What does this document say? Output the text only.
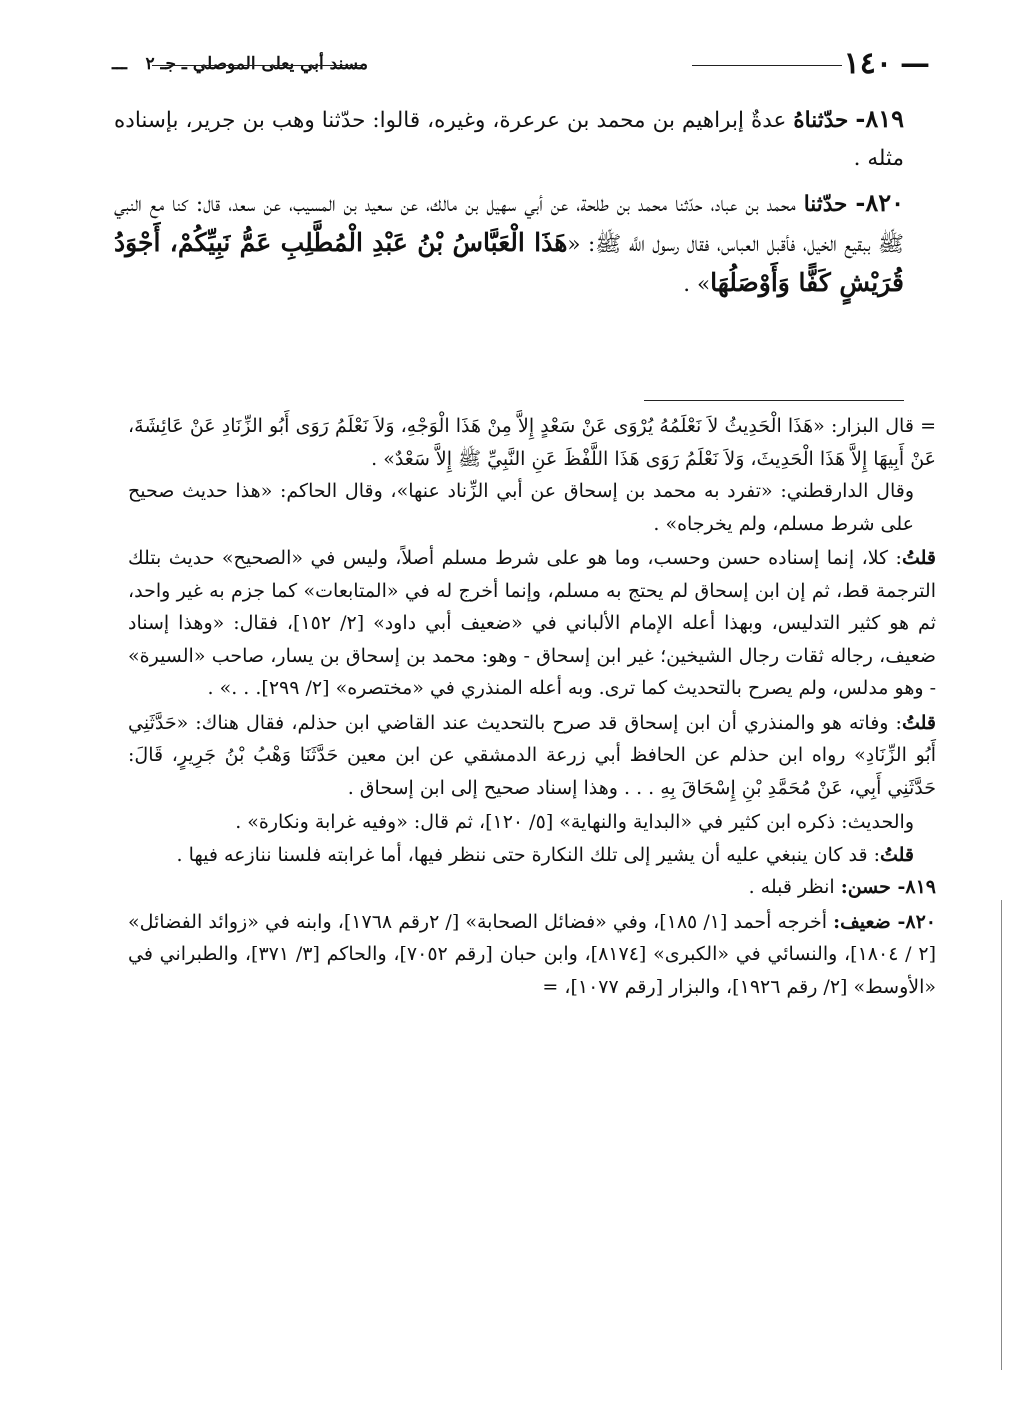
—١٤٠
مسند أبي يعلى الموصلي ـ جـ ٢
ـــ

٨١٩- حدّثناهُ عدةٌ إبراهيم بن محمد بن عرعرة، وغيره، قالوا: حدّثنا وهب بن جرير، بإسناده مثله .

٨٢٠- حدّثنا محمد بن عباد، حدّثنا محمد بن طلحة، عن أبي سهيل بن مالك، عن سعيد بن المسيب، عن سعد، قال: كنا مع النبي ﷺ ببقيع الخيل، فأقبل العباس، فقال رسول اللَّه ﷺ: «هَذَا الْعَبَّاسُ بْنُ عَبْدِ الْمُطَّلِبِ عَمُّ نَبِيِّكُمْ، أَجْوَدُ قُرَيْشٍ كَفًّا وَأَوْصَلُهَا» .

= قال البزار: «هَذَا الْحَدِيثُ لاَ نَعْلَمُهُ يُرْوَى عَنْ سَعْدٍ إِلاَّ مِنْ هَذَا الْوَجْهِ، وَلاَ نَعْلَمُ رَوَى أَبُو الزِّنَادِ عَنْ عَائِشَةَ، عَنْ أَبِيهَا إِلاَّ هَذَا الْحَدِيثَ، وَلاَ نَعْلَمُ رَوَى هَذَا اللَّفْظَ عَنِ النَّبِيِّ ﷺ إِلاَّ سَعْدٌ» .

وقال الدارقطني: «تفرد به محمد بن إسحاق عن أبي الزِّناد عنها»، وقال الحاكم: «هذا حديث صحيح على شرط مسلم، ولم يخرجاه» .

قلتُ: كلا، إنما إسناده حسن وحسب، وما هو على شرط مسلم أصلاً، وليس في «الصحيح» حديث بتلك الترجمة قط، ثم إن ابن إسحاق لم يحتج به مسلم، وإنما أخرج له في «المتابعات» كما جزم به غير واحد، ثم هو كثير التدليس، وبهذا أعله الإمام الألباني في «ضعيف أبي داود» [٢/ ١٥٢]، فقال: «وهذا إسناد ضعيف، رجاله ثقات رجال الشيخين؛ غير ابن إسحاق - وهو: محمد بن إسحاق بن يسار، صاحب «السيرة» - وهو مدلس، ولم يصرح بالتحديث كما ترى. وبه أعله المنذري في «مختصره» [٢/ ٢٩٩]. . .» .

قلتُ: وفاته هو والمنذري أن ابن إسحاق قد صرح بالتحديث عند القاضي ابن حذلم، فقال هناك: «حَدَّثَنِي أَبُو الزِّنَادِ» رواه ابن حذلم عن الحافظ أبي زرعة الدمشقي عن ابن معين حَدَّثَنَا وَهْبُ بْنُ جَرِيرٍ، قَالَ: حَدَّثَنِي أَبِي، عَنْ مُحَمَّدِ بْنِ إِسْحَاقَ بِهِ . . . وهذا إسناد صحيح إلى ابن إسحاق .

والحديث: ذكره ابن كثير في «البداية والنهاية» [٥/ ١٢٠]، ثم قال: «وفيه غرابة ونكارة» .

قلتُ: قد كان ينبغي عليه أن يشير إلى تلك النكارة حتى ننظر فيها، أما غرابته فلسنا ننازعه فيها .

٨١٩- حسن: انظر قبله .

٨٢٠- ضعيف: أخرجه أحمد [١/ ١٨٥]، وفي «فضائل الصحابة» [/ ٢رقم ١٧٦٨]، وابنه في «زوائد الفضائل» [٢ / ١٨٠٤]، والنسائي في «الكبرى» [٨١٧٤]، وابن حبان [رقم ٧٠٥٢]، والحاكم [٣/ ٣٧١]، والطبراني في «الأوسط» [٢/ رقم ١٩٢٦]، والبزار [رقم ١٠٧٧]، =
